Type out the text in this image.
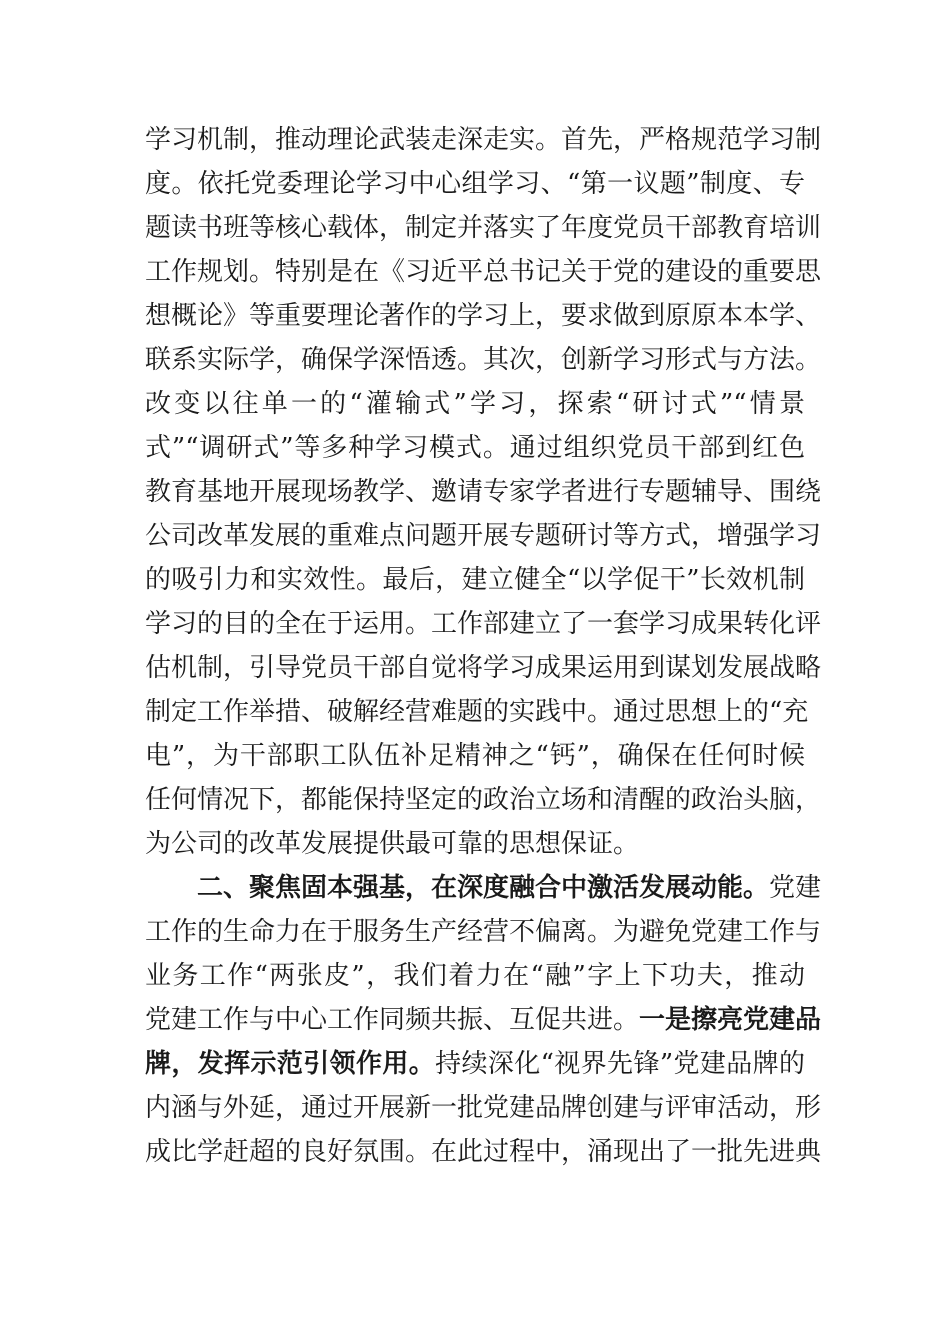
学习机制，推动理论武装走深走实。首先，严格规范学习制
度。依托党委理论学习中心组学习、“第一议题”制度、专
题读书班等核心载体，制定并落实了年度党员干部教育培训
工作规划。特别是在《习近平总书记关于党的建设的重要思
想概论》等重要理论著作的学习上，要求做到原原本本学、
联系实际学，确保学深悟透。其次，创新学习形式与方法。
改变以往单一的“灌输式”学习，探索“研讨式”“情景
式”“调研式”等多种学习模式。通过组织党员干部到红色
教育基地开展现场教学、邀请专家学者进行专题辅导、围绕
公司改革发展的重难点问题开展专题研讨等方式，增强学习
的吸引力和实效性。最后，建立健全“以学促干”长效机制
学习的目的全在于运用。工作部建立了一套学习成果转化评
估机制，引导党员干部自觉将学习成果运用到谋划发展战略
制定工作举措、破解经营难题的实践中。通过思想上的“充
电”，为干部职工队伍补足精神之“钙”，确保在任何时候
任何情况下，都能保持坚定的政治立场和清醒的政治头脑，
为公司的改革发展提供最可靠的思想保证。
二、聚焦固本强基，在深度融合中激活发展动能。党建
工作的生命力在于服务生产经营不偏离。为避免党建工作与
业务工作“两张皮”，我们着力在“融”字上下功夫，推动
党建工作与中心工作同频共振、互促共进。一是擦亮党建品
牌，发挥示范引领作用。持续深化“视界先锋”党建品牌的
内涵与外延，通过开展新一批党建品牌创建与评审活动，形
成比学赶超的良好氛围。在此过程中，涌现出了一批先进典
